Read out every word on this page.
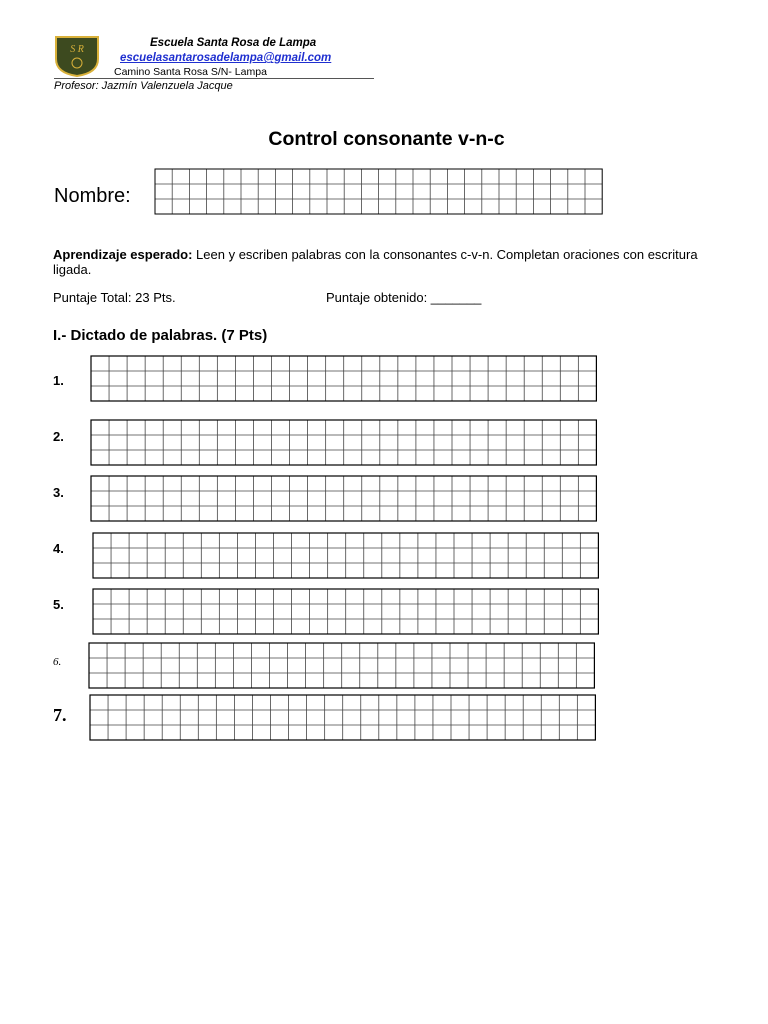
S R
Escuela Santa Rosa de Lampa
escuelasantarosadelampa@gmail.com
Camino Santa Rosa S/N- Lampa
Profesor: Jazmín Valenzuela Jacque
Control consonante v-n-c
Nombre:
Aprendizaje esperado: Leen y escriben palabras con la consonantes c-v-n. Completan oraciones con escritura ligada.
Puntaje Total: 23 Pts.	Puntaje obtenido: _______
I.- Dictado de palabras. (7 Pts)
1.
2.
3.
4.
5.
6.
7.
